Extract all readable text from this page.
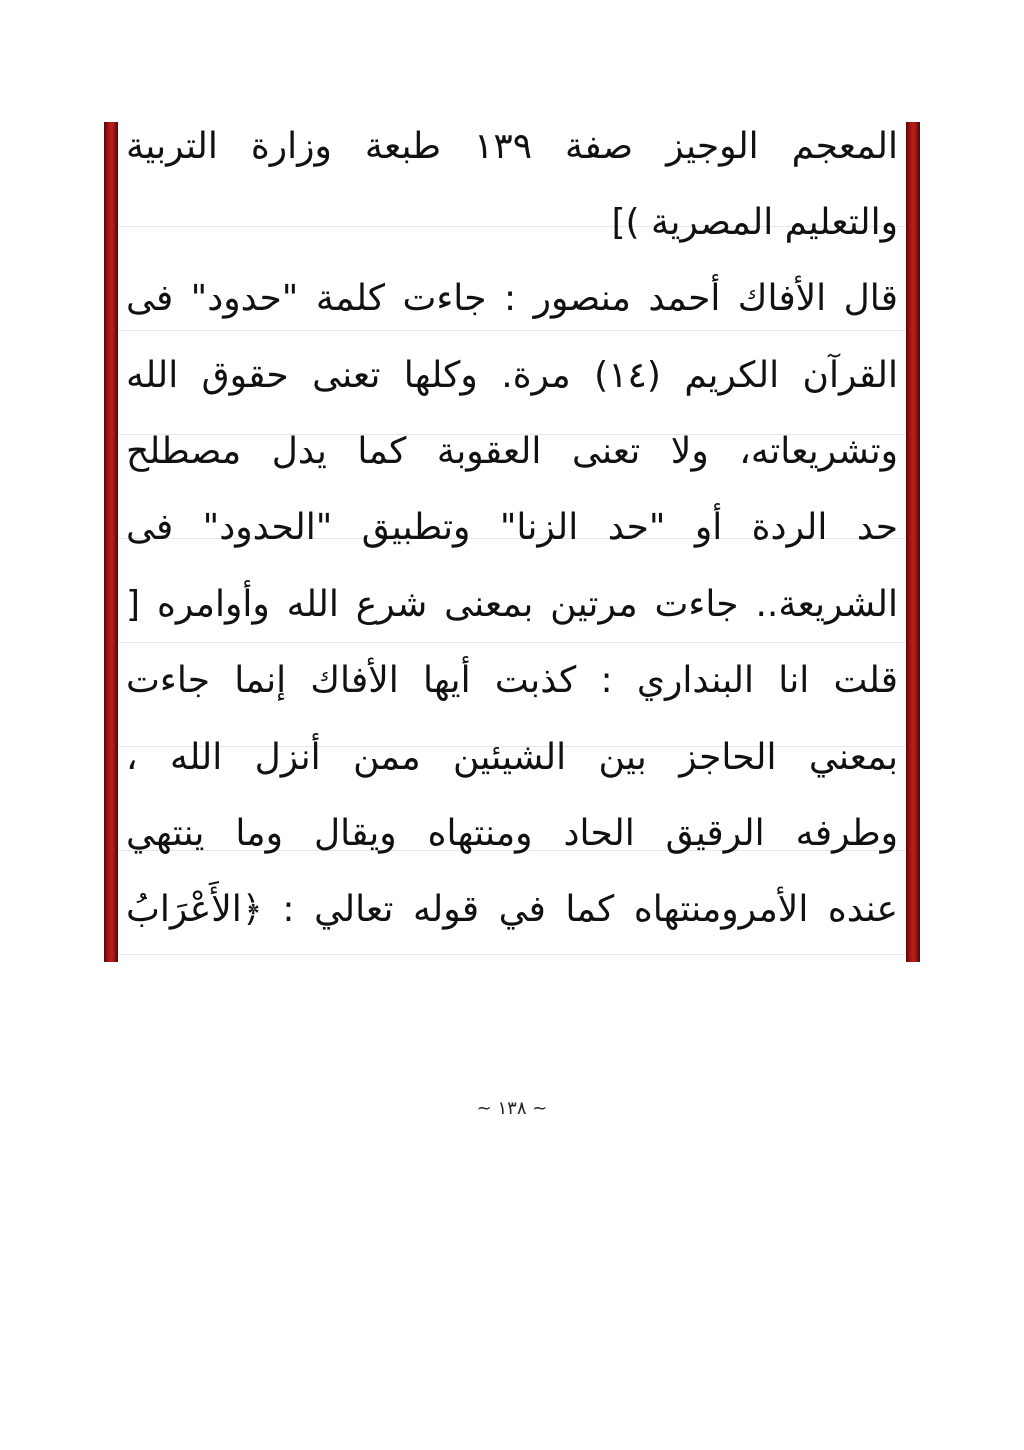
المعجم الوجيز صفة ١٣٩ طبعة وزارة التربية
والتعليم المصرية )]
قال الأفاك أحمد منصور : جاءت كلمة "حدود" فى
القرآن الكريم (١٤) مرة. وكلها تعنى حقوق الله
وتشريعاته، ولا تعنى العقوبة كما يدل مصطلح
حد الردة أو "حد الزنا" وتطبيق "الحدود" فى
الشريعة.. جاءت مرتين بمعنى شرع الله وأوامره [
قلت انا البنداري : كذبت أيها الأفاك إنما جاءت
بمعني الحاجز بين الشيئين ممن أنزل الله ،
وطرفه الرقيق الحاد ومنتهاه ويقال وما ينتهي
عنده الأمرومنتهاه كما في قوله تعالي : ﴿الأَعْرَابُ
~ ١٣٨ ~
